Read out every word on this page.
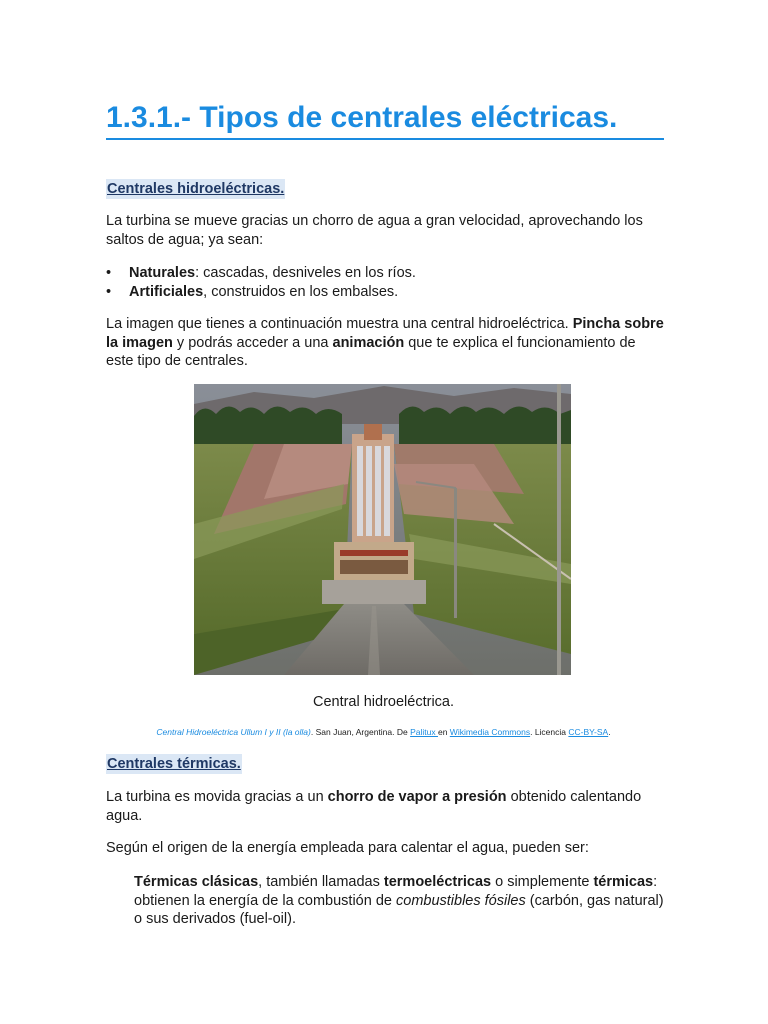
1.3.1.- Tipos de centrales eléctricas.
Centrales hidroeléctricas.

La turbina se mueve gracias un chorro de agua a gran velocidad, aprovechando los saltos de agua; ya sean:

• Naturales: cascadas, desniveles en los ríos.
• Artificiales, construidos en los embalses.

La imagen que tienes a continuación muestra una central hidroeléctrica. Pincha sobre la imagen y podrás acceder a una animación que te explica el funcionamiento de este tipo de centrales.

Central hidroeléctrica.
Central Hidroeléctrica Ullum I y II (la olla). San Juan, Argentina. De Palitux en Wikimedia Commons. Licencia CC-BY-SA.
Centrales térmicas.

La turbina es movida gracias a un chorro de vapor a presión obtenido calentando agua.

Según el origen de la energía empleada para calentar el agua, pueden ser:

Térmicas clásicas, también llamadas termoeléctricas o simplemente térmicas: obtienen la energía de la combustión de combustibles fósiles (carbón, gas natural) o sus derivados (fuel-oil).
